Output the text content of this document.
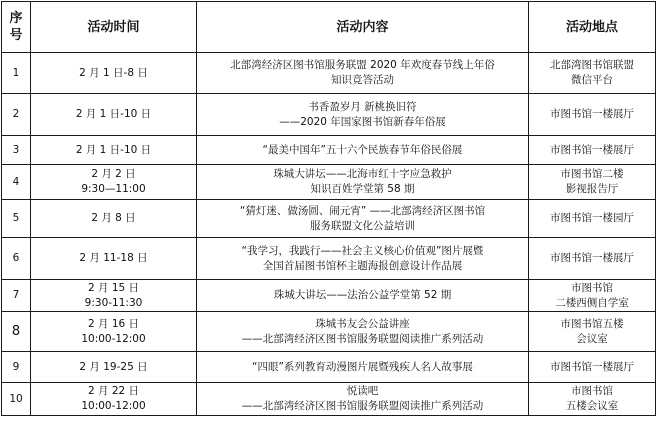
序
号	活动时间	活动内容	活动地点
1	2 月 1 日-8 日	北部湾经济区图书馆服务联盟 2020 年欢度春节线上年俗
知识竞答活动	北部湾图书馆联盟
微信平台

2	2 月 1 日-10 日	书香盈岁月 新桃换旧符
——2020 年国家图书馆新春年俗展	市图书馆一楼展厅

3	2 月 1 日-10 日	“最美中国年”五十六个民族春节年俗民俗展	市图书馆一楼展厅

4	2 月 2 日
9:30—11:00	珠城大讲坛——北海市红十字应急救护
知识百姓学堂第 58 期	市图书馆二楼
影视报告厅

5	2 月 8 日	“猜灯迷、做汤圆、闹元宵” ——北部湾经济区图书馆
服务联盟文化公益培训	市图书馆一楼园厅

6	2 月 11-18 日	“我学习，我践行——社会主义核心价值观”图片展暨
全国首届图书馆杯主题海报创意设计作品展	市图书馆一楼展厅

7	2 月 15 日
9:30-11:30	珠城大讲坛——法治公益学堂第 52 期	市图书馆
二楼西侧自学室

8	2 月 16 日
10:00-12:00	珠城书友会公益讲座
——北部湾经济区图书馆服务联盟阅读推广系列活动	市图书馆五楼
会议室

9	2 月 19-25 日	“四眼”系列教育动漫图片展暨残疾人名人故事展	市图书馆一楼展厅

10	2 月 22 日
10:00-12:00	悦读吧
——北部湾经济区图书馆服务联盟阅读推广系列活动	市图书馆
五楼会议室
